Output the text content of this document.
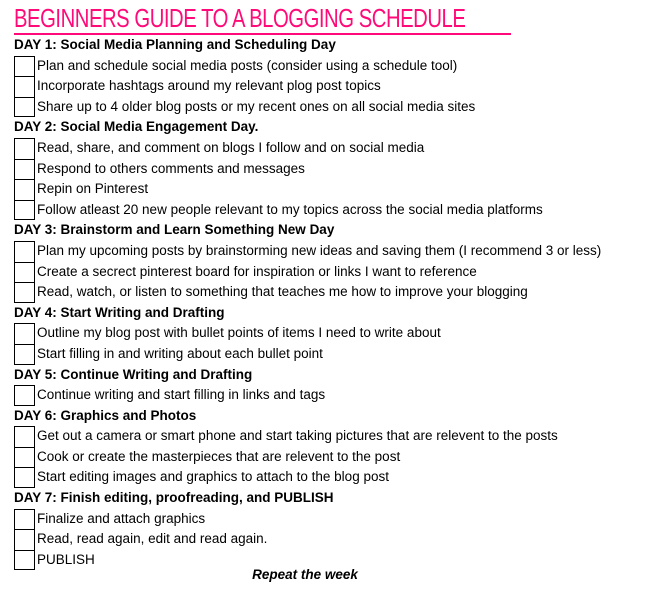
BEGINNERS GUIDE TO A BLOGGING SCHEDULE
DAY 1: Social Media Planning and Scheduling Day
Plan and schedule social media posts (consider using a schedule tool)
Incorporate hashtags around my relevant plog post topics
Share up to 4 older blog posts or my recent ones on all social media sites
DAY 2: Social Media Engagement Day.
Read, share, and comment on blogs I follow and on social media
Respond to others comments and messages
Repin on Pinterest
Follow atleast 20 new people relevant to my topics across the social media platforms
DAY 3: Brainstorm and Learn Something New Day
Plan my upcoming posts by brainstorming new ideas and saving them (I recommend 3 or less)
Create a secrect pinterest board for inspiration or links I want to reference
Read, watch, or listen to something that teaches me how to improve your blogging
DAY 4: Start Writing and Drafting
Outline my blog post with bullet points of items I need to write about
Start filling in and writing about each bullet point
DAY 5: Continue Writing and Drafting
Continue writing and start filling in links and tags
DAY 6: Graphics and Photos
Get out a camera or smart phone and start taking pictures that are relevent to the posts
Cook or create the masterpieces that are relevent to the post
Start editing images and graphics to attach to the blog post
DAY 7: Finish editing, proofreading, and PUBLISH
Finalize and attach graphics
Read, read again, edit and read again.
PUBLISH
Repeat the week
